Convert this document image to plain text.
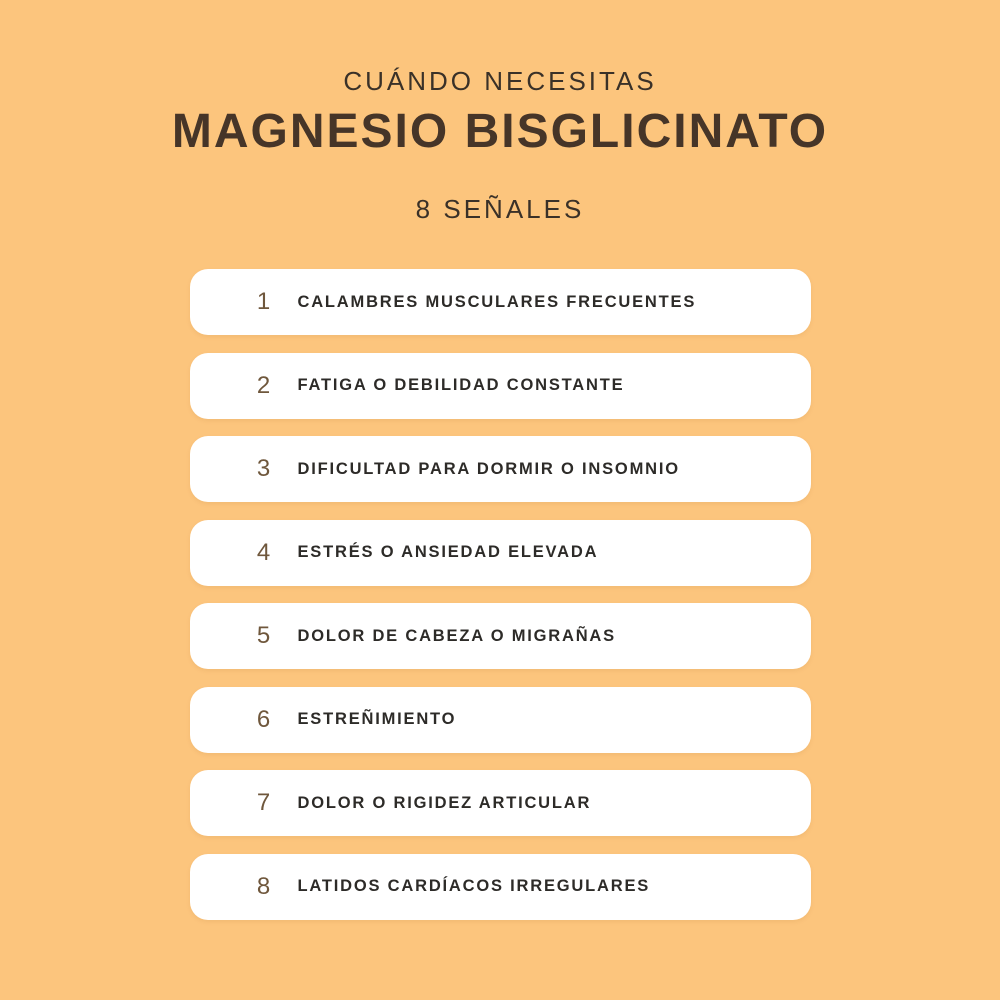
CUÁNDO NECESITAS
MAGNESIO BISGLICINATO
8 SEÑALES
1	CALAMBRES MUSCULARES FRECUENTES
2	FATIGA O DEBILIDAD CONSTANTE
3	DIFICULTAD PARA DORMIR O INSOMNIO
4	ESTRÉS O ANSIEDAD ELEVADA
5	DOLOR DE CABEZA O MIGRAÑAS
6	ESTREÑIMIENTO
7	DOLOR O RIGIDEZ ARTICULAR
8	LATIDOS CARDÍACOS IRREGULARES
